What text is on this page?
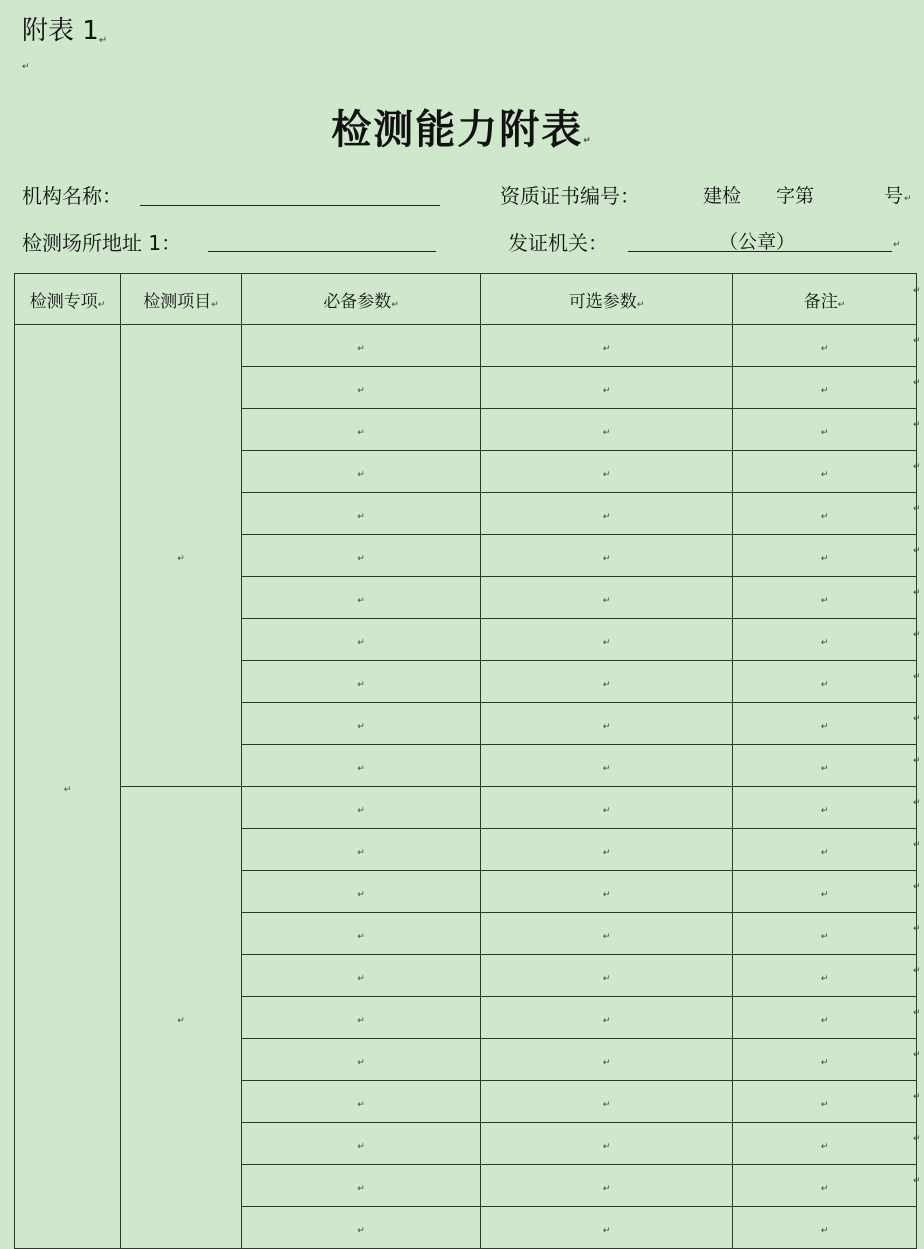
附表 1↵
↵
检测能力附表↵
机构名称：	资质证书编号：	建检 字第	号 ↵
检测场所地址 1：	发证机关：	（公章）	↵
检测专项↵	检测项目↵	必备参数↵	可选参数↵	备注↵
↵	↵	↵	↵	↵
		↵	↵	↵
		↵	↵	↵
		↵	↵	↵
		↵	↵	↵
		↵	↵	↵
		↵	↵	↵
		↵	↵	↵
		↵	↵	↵
		↵	↵	↵
		↵	↵	↵
	↵	↵	↵	↵
		↵	↵	↵
		↵	↵	↵
		↵	↵	↵
		↵	↵	↵
		↵	↵	↵
		↵	↵	↵
		↵	↵	↵
		↵	↵	↵
		↵	↵	↵
		↵	↵	↵
↵
↵
↵
↵
↵
↵
↵
↵
↵
↵
↵
↵
↵
↵
↵
↵
↵
↵
↵
↵
↵
↵
